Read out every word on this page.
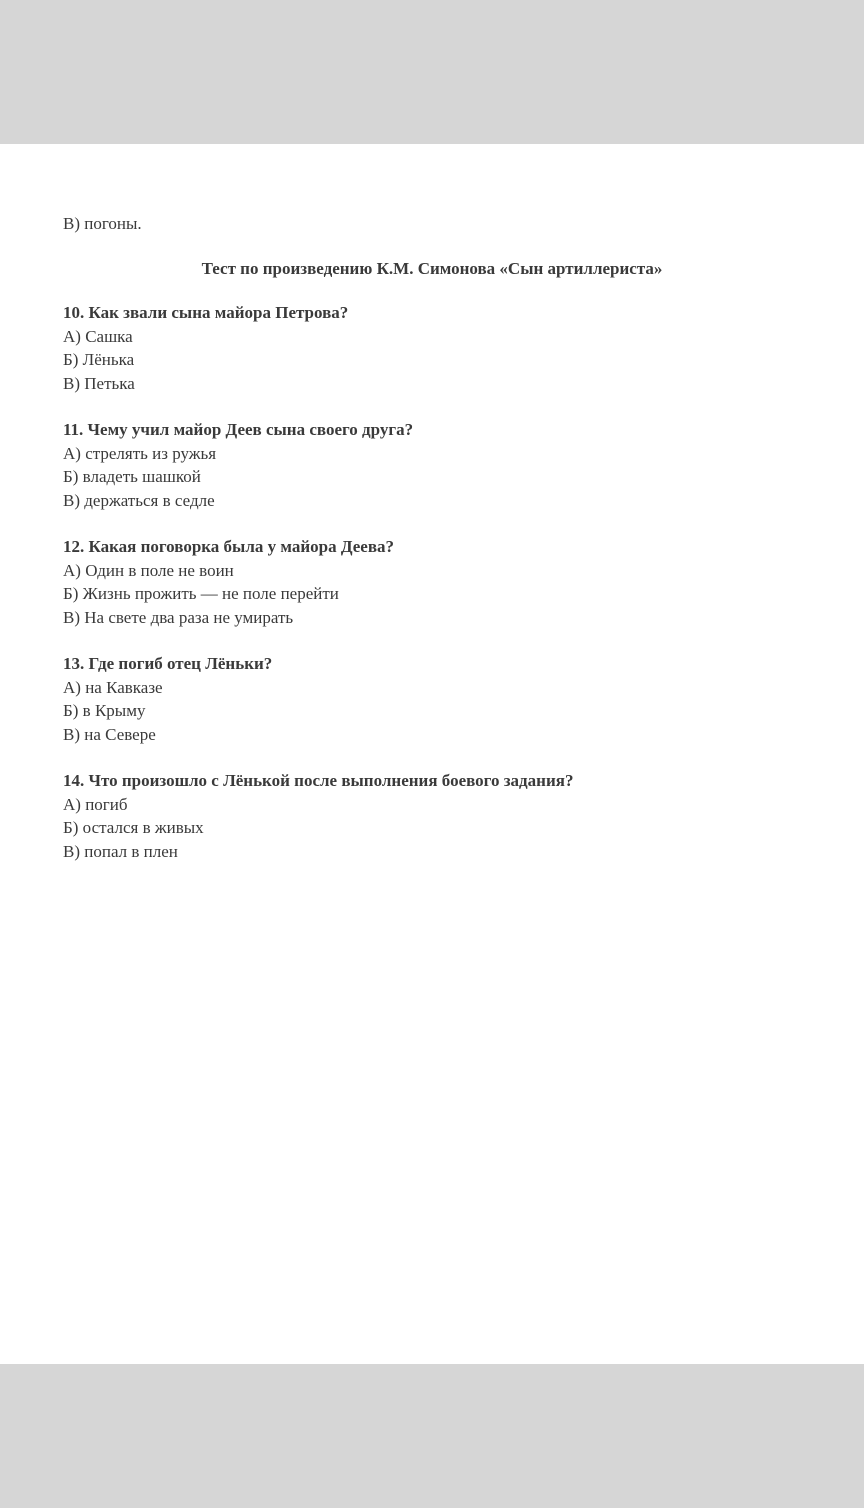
В) погоны.
Тест по произведению К.М. Симонова «Сын артиллериста»
10. Как звали сына майора Петрова?
А) Сашка
Б) Лёнька
В) Петька
11. Чему учил майор Деев сына своего друга?
А) стрелять из ружья
Б) владеть шашкой
В) держаться в седле
12. Какая поговорка была у майора Деева?
А) Один в поле не воин
Б) Жизнь прожить — не поле перейти
В) На свете два раза не умирать
13. Где погиб отец Лёньки?
А) на Кавказе
Б) в Крыму
В) на Севере
14. Что произошло с Лёнькой после выполнения боевого задания?
А) погиб
Б) остался в живых
В) попал в плен
